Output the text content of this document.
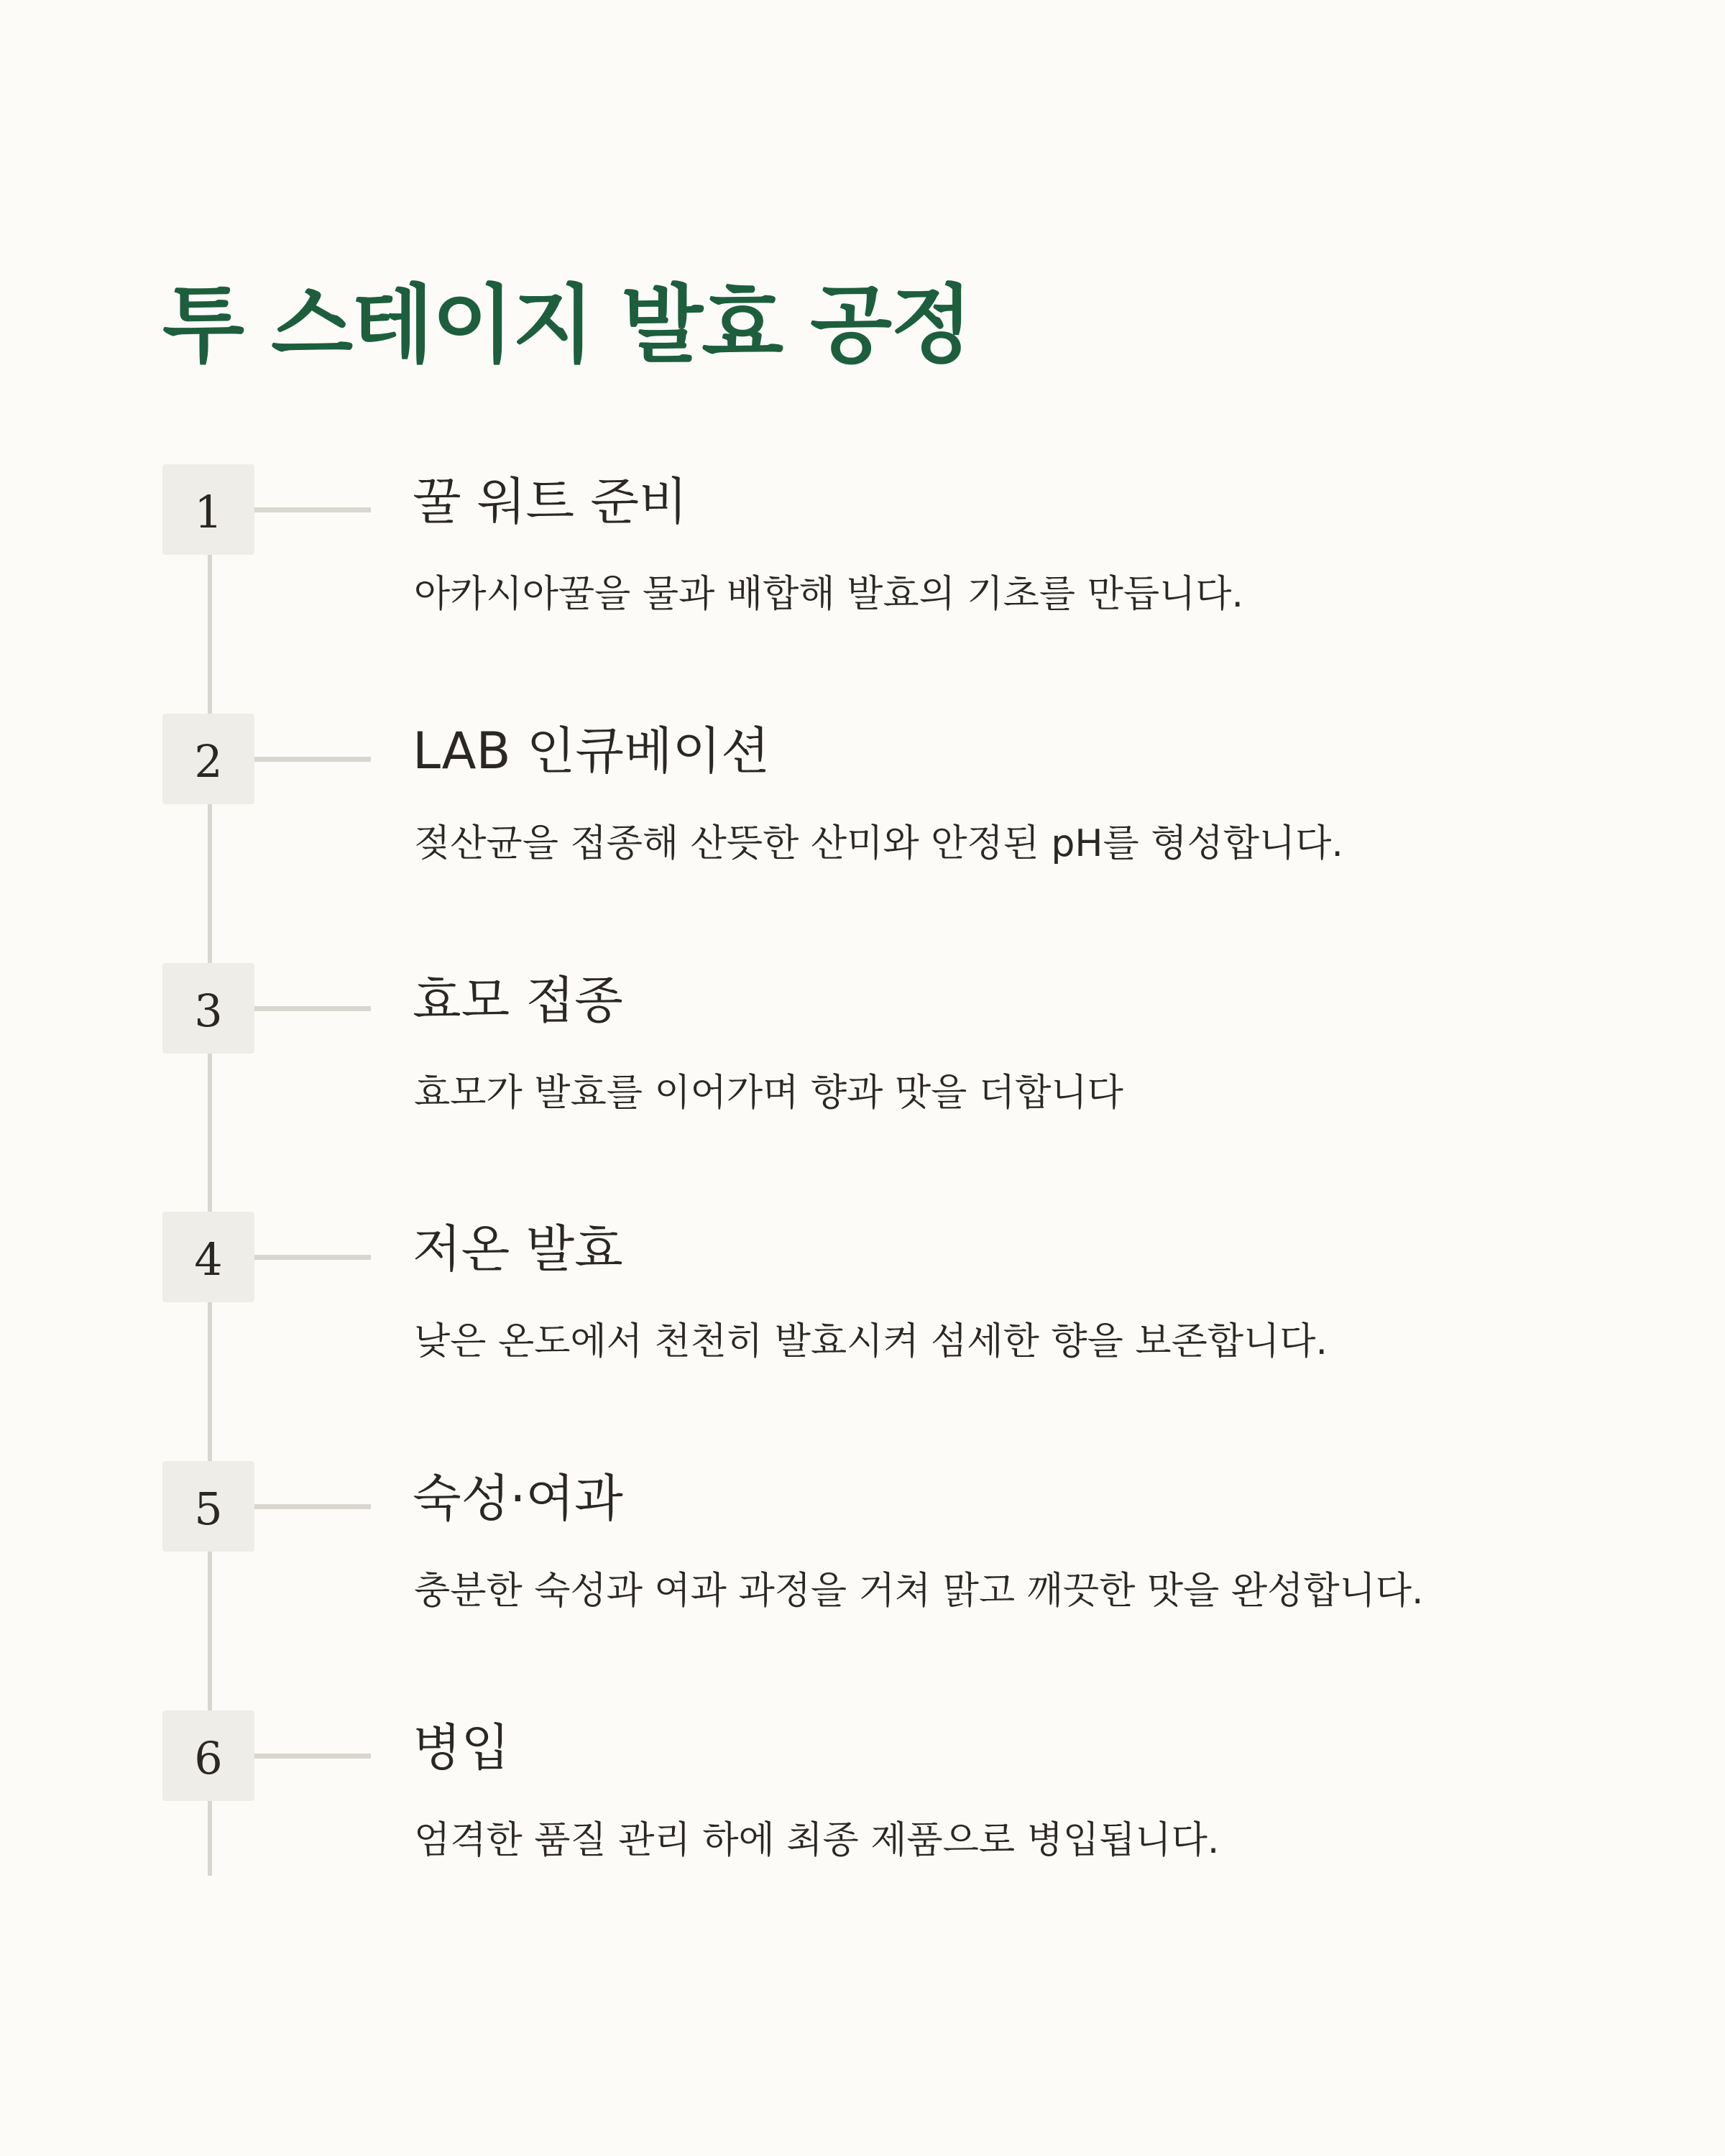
투 스테이지 발효 공정
1	꿀 워트 준비

아카시아꿀을 물과 배합해 발효의 기초를 만듭니다.

2	LAB 인큐베이션

젖산균을 접종해 산뜻한 산미와 안정된 pH를 형성합니다.

3	효모 접종

효모가 발효를 이어가며 향과 맛을 더합니다

4	저온 발효

낮은 온도에서 천천히 발효시켜 섬세한 향을 보존합니다.

5	숙성·여과

충분한 숙성과 여과 과정을 거쳐 맑고 깨끗한 맛을 완성합니다.

6	병입

엄격한 품질 관리 하에 최종 제품으로 병입됩니다.
